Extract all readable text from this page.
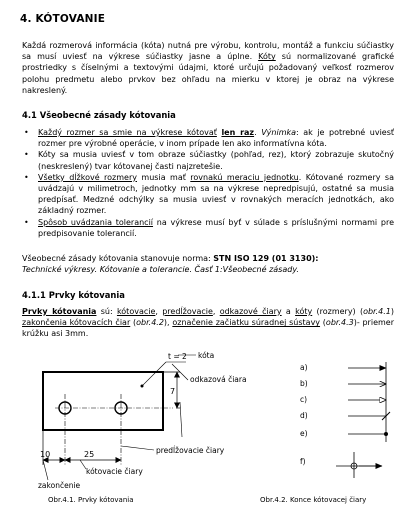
4. KÓTOVANIE
Každá rozmerová informácia (kóta) nutná pre výrobu, kontrolu, montáž a funkciu súčiastky sa musí uviesť na výkrese súčiastky jasne a úplne. Kóty sú normalizované grafické prostriedky s číselnými a textovými údajmi, ktoré určujú požadovaný veľkosť rozmerov polohu predmetu alebo prvkov bez ohľadu na mierku v ktorej je obraz na výkrese nakreslený.
4.1 Všeobecné zásady kótovania
• Každý rozmer sa smie na výkrese kótovať len raz. Výnimka: ak je potrebné uviesť rozmer pre výrobné operácie, v inom prípade len ako informatívna kóta.
• Kóty sa musia uviesť v tom obraze súčiastky (pohľad, rez), ktorý zobrazuje skutočný (neskreslený) tvar kótovanej časti najzretešie.
• Všetky dĺžkové rozmery musia mať rovnakú meraciu jednotku. Kótované rozmery sa uvádzajú v milimetroch, jednotky mm sa na výkrese nepredpisujú, ostatné sa musia predpísať. Medzné odchýlky sa musia uviesť v rovnakých meracích jednotkách, ako základný rozmer.
• Spôsob uvádzania tolerancií na výkrese musí byť v súlade s príslušnými normami pre predpisovanie tolerancií.
Všeobecné zásady kótovania stanovuje norma: STN ISO 129 (01 3130):
Technické výkresy. Kótovanie a tolerancie. Časť 1:Všeobecné zásady.
4.1.1 Prvky kótovania
Prvky kótovania sú: kótovacie, predĺžovacie, odkazové čiary a kóty (rozmery) (obr.4.1) zakončenia kótovacích čiar (obr.4.2), označenie začiatku súradnej sústavy (obr.4.3)- priemer krúžku asi 3mm.
10	25
7
t = 2 kóta
odkazová čiara
predĺžovacie čiary
kótovacie čiary
zakončenie
Obr.4.1. Prvky kótovania
a)
b)
c)
d)
e)
f)
Obr.4.2. Konce kótovacej čiary
